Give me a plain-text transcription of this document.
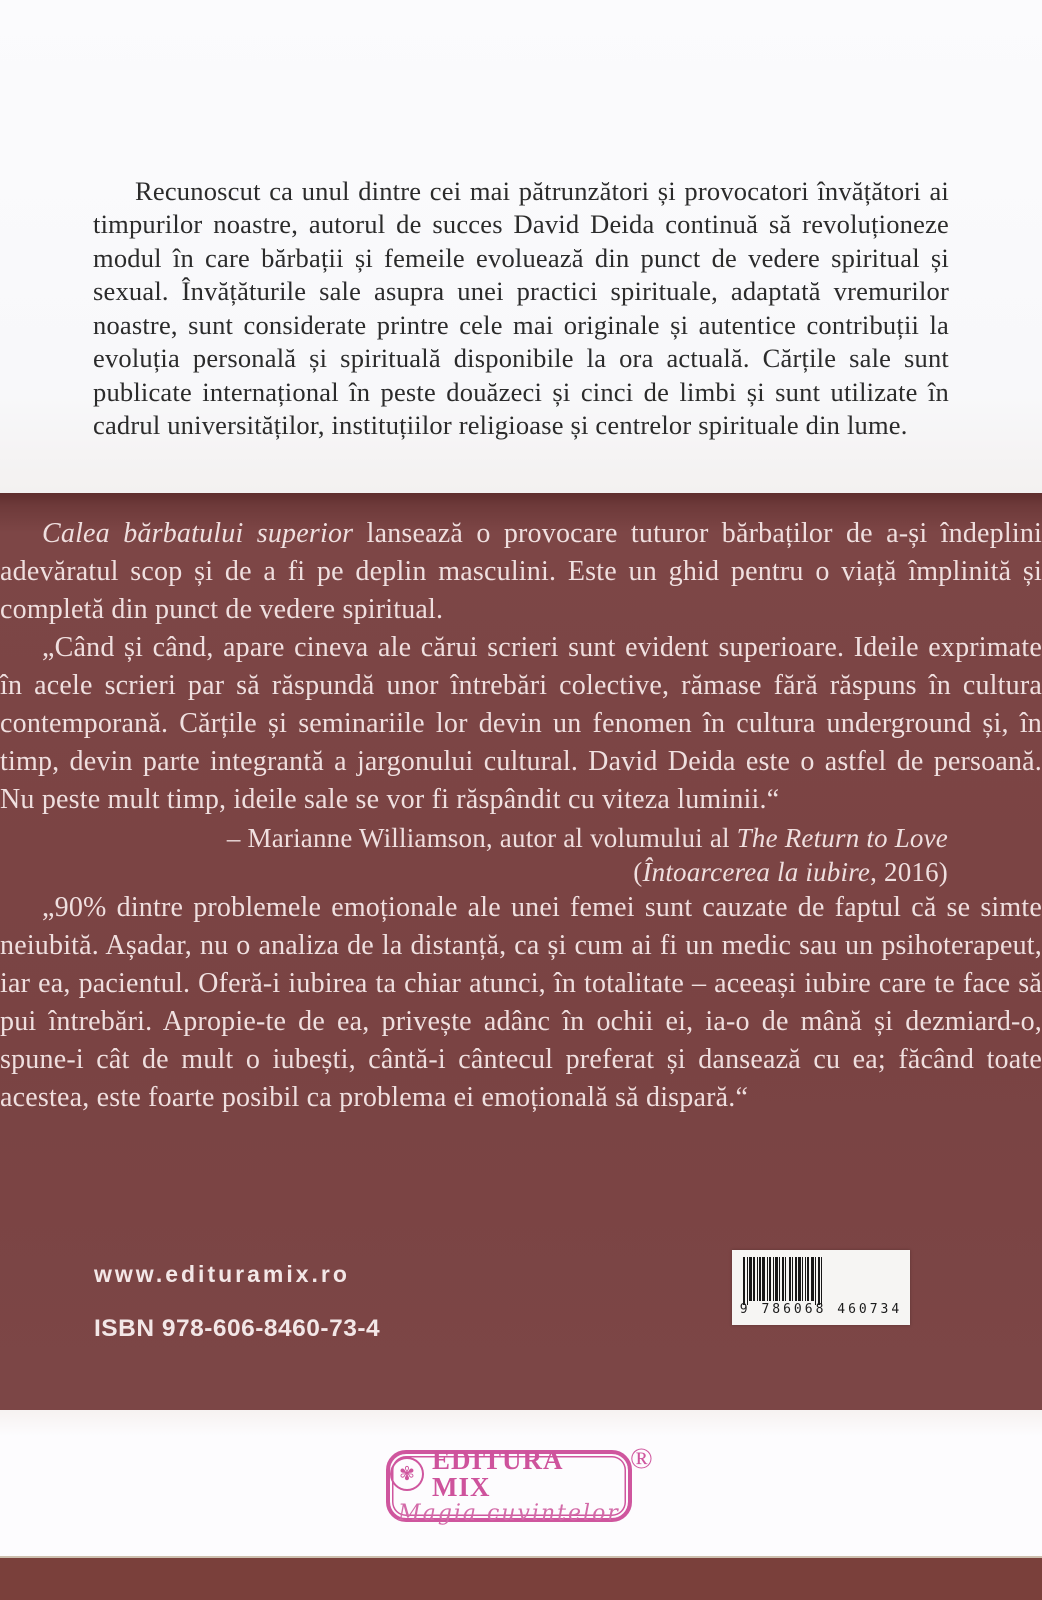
Recunoscut ca unul dintre cei mai pătrunzători și provocatori învățători ai timpurilor noastre, autorul de succes David Deida continuă să revoluționeze modul în care bărbații și femeile evoluează din punct de vedere spiritual și sexual. Învățăturile sale asupra unei practici spirituale, adaptată vremurilor noastre, sunt considerate printre cele mai originale și autentice contribuții la evoluția personală și spirituală disponibile la ora actuală. Cărțile sale sunt publicate internațional în peste douăzeci și cinci de limbi și sunt utilizate în cadrul universităților, instituțiilor religioase și centrelor spirituale din lume.

Calea bărbatului superior lansează o provocare tuturor bărbaților de a-și îndeplini adevăratul scop și de a fi pe deplin masculini. Este un ghid pentru o viață împlinită și completă din punct de vedere spiritual.

„Când și când, apare cineva ale cărui scrieri sunt evident superioare. Ideile exprimate în acele scrieri par să răspundă unor întrebări colective, rămase fără răspuns în cultura contemporană. Cărțile și seminariile lor devin un fenomen în cultura underground și, în timp, devin parte integrantă a jargonului cultural. David Deida este o astfel de persoană. Nu peste mult timp, ideile sale se vor fi răspândit cu viteza luminii.“

– Marianne Williamson, autor al volumului al The Return to Love
(Întoarcerea la iubire, 2016)

„90% dintre problemele emoționale ale unei femei sunt cauzate de faptul că se simte neiubită. Așadar, nu o analiza de la distanță, ca și cum ai fi un medic sau un psihoterapeut, iar ea, pacientul. Oferă-i iubirea ta chiar atunci, în totalitate – aceeași iubire care te face să pui întrebări. Apropie-te de ea, privește adânc în ochii ei, ia-o de mână și dezmiard-o, spune-i cât de mult o iubești, cântă-i cântecul preferat și dansează cu ea; făcând toate acestea, este foarte posibil ca problema ei emoțională să dispară.“

www.edituramix.ro
ISBN 978-606-8460-73-4
9 786068 460734
✾ EDITURA MIX
Magia cuvintelor
®
